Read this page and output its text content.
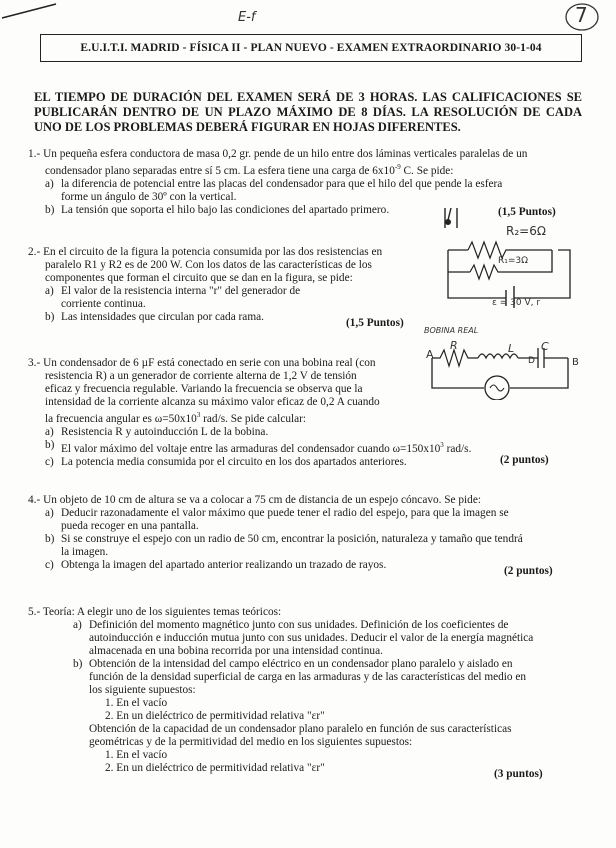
E-f	7
E.U.I.T.I. MADRID - FÍSICA II - PLAN NUEVO - EXAMEN EXTRAORDINARIO 30-1-04
EL TIEMPO DE DURACIÓN DEL EXAMEN SERÁ DE 3 HORAS. LAS CALIFICACIONES SE PUBLICARÁN DENTRO DE UN PLAZO MÁXIMO DE 8 DÍAS. LA RESOLUCIÓN DE CADA UNO DE LOS PROBLEMAS DEBERÁ FIGURAR EN HOJAS DIFERENTES.

1.- Un pequeña esfera conductora de masa 0,2 gr. pende de un hilo entre dos láminas verticales paralelas de un

condensador plano separadas entre sí 5 cm. La esfera tiene una carga de $6x10^{-9}$ C. Se pide:

a) la diferencia de potencial entre las placas del condensador para que el hilo del que pende la esfera

forme un ángulo de 30º con la vertical.

b) La tensión que soporta el hilo bajo las condiciones del apartado primero.	(1,5 Puntos)

2.- En el circuito de la figura la potencia consumida por las dos resistencias en

paralelo R1 y R2 es de 200 W. Con los datos de las características de los

componentes que forman el circuito que se dan en la figura, se pide:

a) El valor de la resistencia interna "r" del generador de

corriente continua.

b) Las intensidades que circulan por cada rama.	(1,5 Puntos)
R₂=6Ω
R₁=3Ω
ε = 30 V, r

3.- Un condensador de 6 µF está conectado en serie con una bobina real (con

resistencia R) a un generador de corriente alterna de 1,2 V de tensión

eficaz y frecuencia regulable. Variando la frecuencia se observa que la

intensidad de la corriente alcanza su máximo valor eficaz de 0,2 A cuando

la frecuencia angular es $\omega=50x10^3$ rad/s. Se pide calcular:

a) Resistencia R y autoinducción L de la bobina.

b) El valor máximo del voltaje entre las armaduras del condensador cuando $\omega=150x10^3$ rad/s.

c) La potencia media consumida por el circuito en los dos apartados anteriores.	(2 puntos)
BOBINA REAL
A
R	L C
B
D

4.- Un objeto de 10 cm de altura se va a colocar a 75 cm de distancia de un espejo cóncavo. Se pide:

a) Deducir razonadamente el valor máximo que puede tener el radio del espejo, para que la imagen se

pueda recoger en una pantalla.

b) Si se construye el espejo con un radio de 50 cm, encontrar la posición, naturaleza y tamaño que tendrá

la imagen.

c) Obtenga la imagen del apartado anterior realizando un trazado de rayos.	(2 puntos)

5.- Teoría: A elegir uno de los siguientes temas teóricos:

a) Definición del momento magnético junto con sus unidades. Definición de los coeficientes de

autoinducción e inducción mutua junto con sus unidades. Deducir el valor de la energía magnética

almacenada en una bobina recorrida por una intensidad continua.

b) Obtención de la intensidad del campo eléctrico en un condensador plano paralelo y aislado en

función de la densidad superficial de carga en las armaduras y de las características del medio en

los siguiente supuestos:

1. En el vacío

2. En un dieléctrico de permitividad relativa "εr"

Obtención de la capacidad de un condensador plano paralelo en función de sus características

geométricas y de la permitividad del medio en los siguientes supuestos:

1. En el vacío

2. En un dieléctrico de permitividad relativa "εr"	(3 puntos)
